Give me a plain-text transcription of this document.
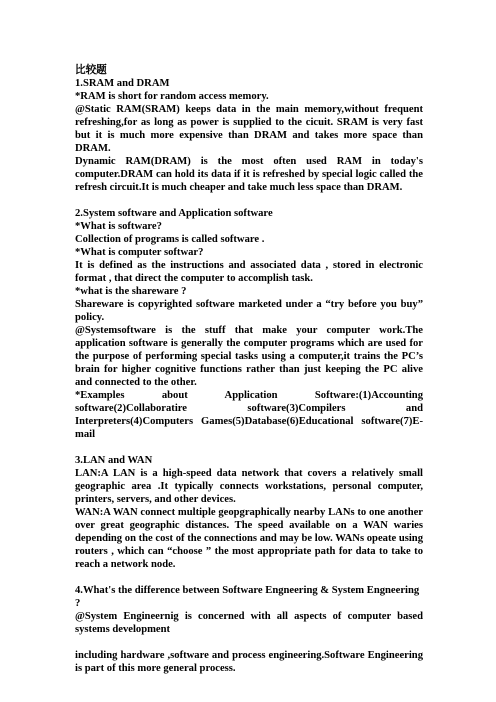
比较题

1.SRAM and DRAM

*RAM is short for random access memory.

@Static RAM(SRAM) keeps data in the main memory,without frequent refreshing,for as long as power is supplied to the cicuit. SRAM is very fast but it is much more expensive than DRAM and takes more space than DRAM.

Dynamic RAM(DRAM) is the most often used RAM in today's computer.DRAM can hold its data if it is refreshed by special logic called the refresh circuit.It is much cheaper and take much less space than DRAM.

2.System software and Application software

*What is software?

Collection of programs is called software .

*What is computer softwar?

It is defined as the instructions and associated data , stored in electronic format , that direct the computer to accomplish task.

*what is the shareware ?

Shareware is copyrighted software marketed under a “try before you buy” policy.

@Systemsoftware is the stuff that make your computer work.The application software is generally the computer programs which are used for the purpose of performing special tasks using a computer,it trains the PC’s brain for higher cognitive functions rather than just keeping the PC alive and connected to the other.

*Examples about Application Software:(1)Accounting software(2)Collaboratire software(3)Compilers and Interpreters(4)Computers Games(5)Database(6)Educational software(7)E-mail

3.LAN and WAN

LAN:A LAN is a high-speed data network that covers a relatively small geographic area .It typically connects workstations, personal computer, printers, servers, and other devices.

WAN:A WAN connect multiple geopgraphically nearby LANs to one another over great geographic distances. The speed available on a WAN waries depending on the cost of the connections and may be low. WANs opeate using routers , which can “choose ” the most appropriate path for data to take to reach a network node.

4.What's the difference between Software Engneering & System Engneering ?

@System Engineernig is concerned with all aspects of computer based systems development

including hardware ,software and process engineering.Software Engineering is part of this more general process.
